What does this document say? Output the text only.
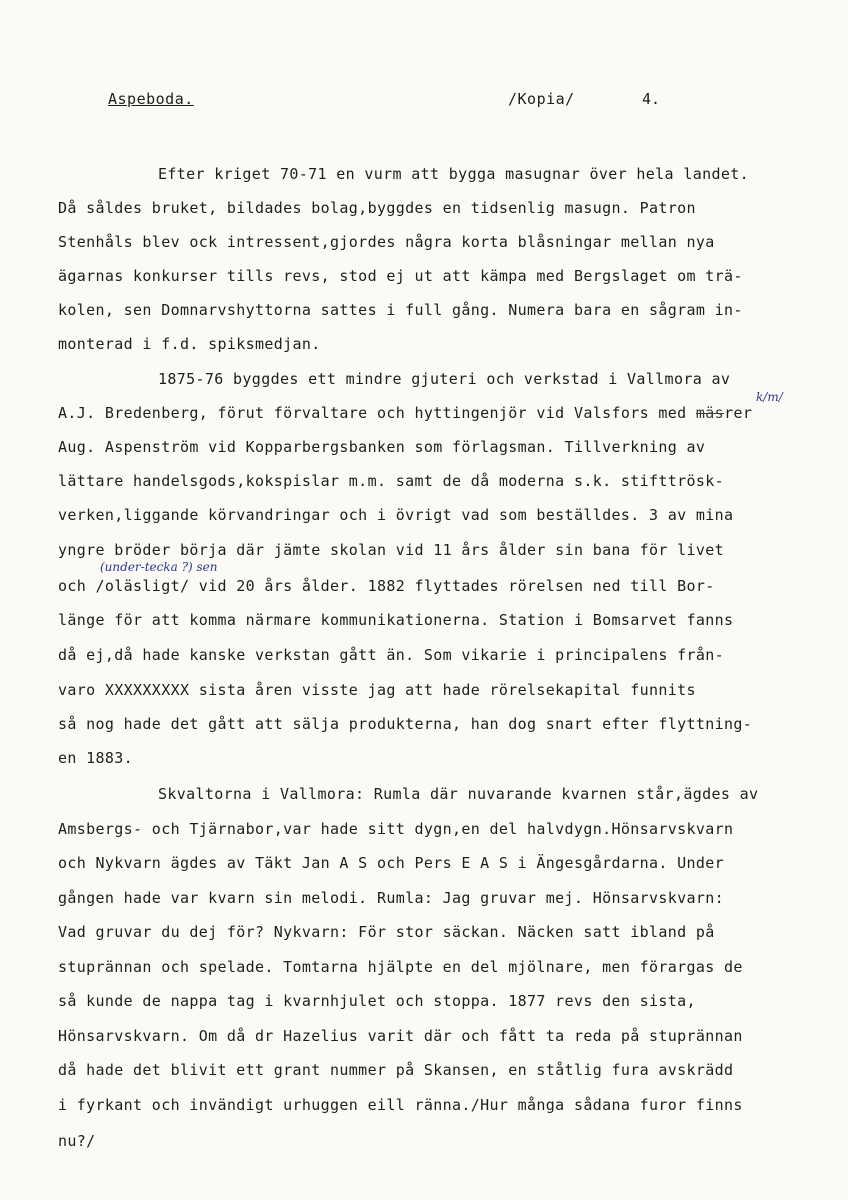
Aspeboda.	/Kopia/	4.
Efter kriget 70-71 en vurm att bygga masugnar över hela landet.
Då såldes bruket, bildades bolag,byggdes en tidsenlig masugn. Patron
Stenhåls blev ock intressent,gjordes några korta blåsningar mellan nya
ägarnas konkurser tills revs, stod ej ut att kämpa med Bergslaget om trä-
kolen, sen Domnarvshyttorna sattes i full gång. Numera bara en sågram in-
monterad i f.d. spiksmedjan.
1875-76 byggdes ett mindre gjuteri och verkstad i Vallmora av
A.J. Bredenberg, förut förvaltare och hyttingenjör vid Valsfors med mäsrer
Aug. Aspenström vid Kopparbergsbanken som förlagsman. Tillverkning av
lättare handelsgods,kokspislar m.m. samt de då moderna s.k. stifttrösk-
verken,liggande körvandringar och i övrigt vad som beställdes. 3 av mina
yngre bröder börja där jämte skolan vid 11 års ålder sin bana för livet
och /oläsligt/ vid 20 års ålder. 1882 flyttades rörelsen ned till Bor-
länge för att komma närmare kommunikationerna. Station i Bomsarvet fanns
då ej,då hade kanske verkstan gått än. Som vikarie i principalens från-
varo XXXXXXXXX sista åren visste jag att hade rörelsekapital funnits
så nog hade det gått att sälja produkterna, han dog snart efter flyttning-
en 1883.
Skvaltorna i Vallmora: Rumla där nuvarande kvarnen står,ägdes av
Amsbergs- och Tjärnabor,var hade sitt dygn,en del halvdygn.Hönsarvskvarn
och Nykvarn ägdes av Täkt Jan A S och Pers E A S i Ängesgårdarna. Under
gången hade var kvarn sin melodi. Rumla: Jag gruvar mej. Hönsarvskvarn:
Vad gruvar du dej för? Nykvarn: För stor säckan. Näcken satt ibland på
stuprännan och spelade. Tomtarna hjälpte en del mjölnare, men förargas de
så kunde de nappa tag i kvarnhjulet och stoppa. 1877 revs den sista,
Hönsarvskvarn. Om då dr Hazelius varit där och fått ta reda på stuprännan
då hade det blivit ett grant nummer på Skansen, en ståtlig fura avskrädd
i fyrkant och invändigt urhuggen eill ränna./Hur många sådana furor finns
nu?/
(under-tecka ?) sen
k/m/
